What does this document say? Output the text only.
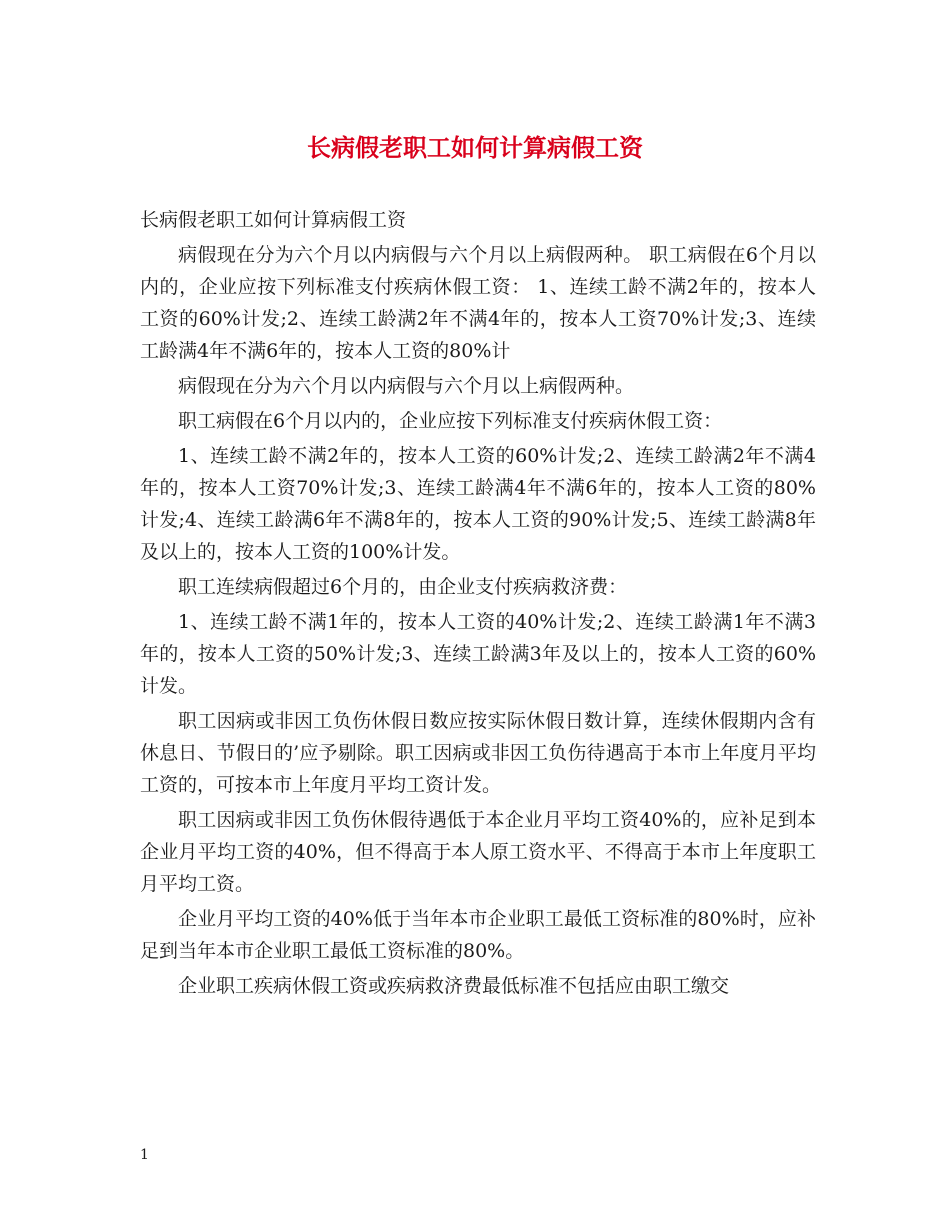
长病假老职工如何计算病假工资

长病假老职工如何计算病假工资

病假现在分为六个月以内病假与六个月以上病假两种。 职工病假在6个月以内的，企业应按下列标准支付疾病休假工资： 1、连续工龄不满2年的，按本人工资的60%计发;2、连续工龄满2年不满4年的，按本人工资70%计发;3、连续工龄满4年不满6年的，按本人工资的80%计

病假现在分为六个月以内病假与六个月以上病假两种。

职工病假在6个月以内的，企业应按下列标准支付疾病休假工资：

1、连续工龄不满2年的，按本人工资的60%计发;2、连续工龄满2年不满4年的，按本人工资70%计发;3、连续工龄满4年不满6年的，按本人工资的80%计发;4、连续工龄满6年不满8年的，按本人工资的90%计发;5、连续工龄满8年及以上的，按本人工资的100%计发。

职工连续病假超过6个月的，由企业支付疾病救济费：

1、连续工龄不满1年的，按本人工资的40%计发;2、连续工龄满1年不满3年的，按本人工资的50%计发;3、连续工龄满3年及以上的，按本人工资的60%计发。

职工因病或非因工负伤休假日数应按实际休假日数计算，连续休假期内含有休息日、节假日的’应予剔除。职工因病或非因工负伤待遇高于本市上年度月平均工资的，可按本市上年度月平均工资计发。

职工因病或非因工负伤休假待遇低于本企业月平均工资40%的，应补足到本企业月平均工资的40%，但不得高于本人原工资水平、不得高于本市上年度职工月平均工资。

企业月平均工资的40%低于当年本市企业职工最低工资标准的80%时，应补足到当年本市企业职工最低工资标准的80%。

企业职工疾病休假工资或疾病救济费最低标准不包括应由职工缴交

1
